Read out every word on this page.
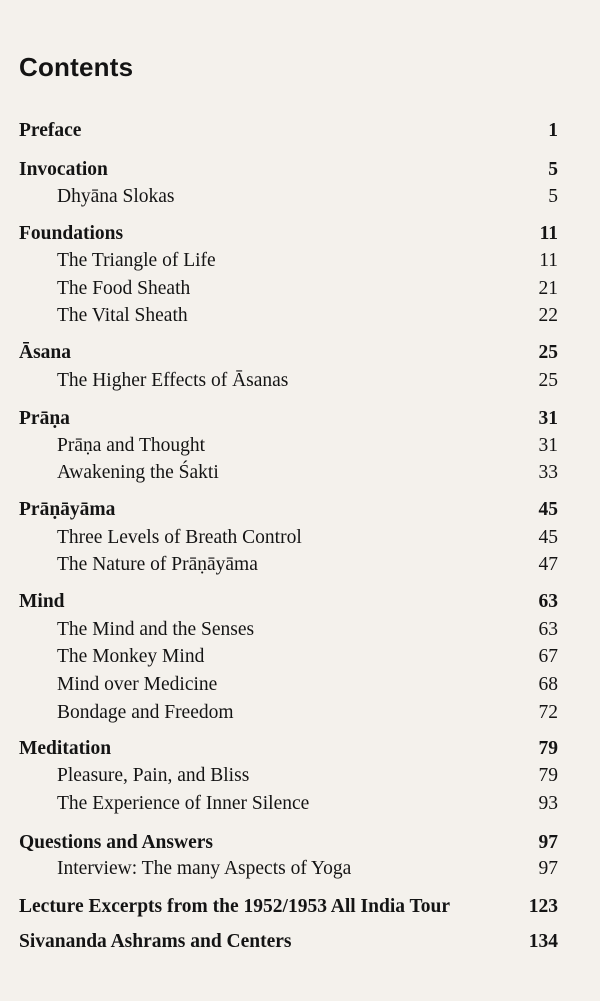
Contents
Preface	1
Invocation	5
Dhyāna Slokas	5
Foundations	11
The Triangle of Life	11
The Food Sheath	21
The Vital Sheath	22
Āsana	25
The Higher Effects of Āsanas	25
Prāṇa	31
Prāṇa and Thought	31
Awakening the Śakti	33
Prāṇāyāma	45
Three Levels of Breath Control	45
The Nature of Prāṇāyāma	47
Mind	63
The Mind and the Senses	63
The Monkey Mind	67
Mind over Medicine	68
Bondage and Freedom	72
Meditation	79
Pleasure, Pain, and Bliss	79
The Experience of Inner Silence	93
Questions and Answers	97
Interview: The many Aspects of Yoga	97
Lecture Excerpts from the 1952/1953 All India Tour	123
Sivananda Ashrams and Centers	134
